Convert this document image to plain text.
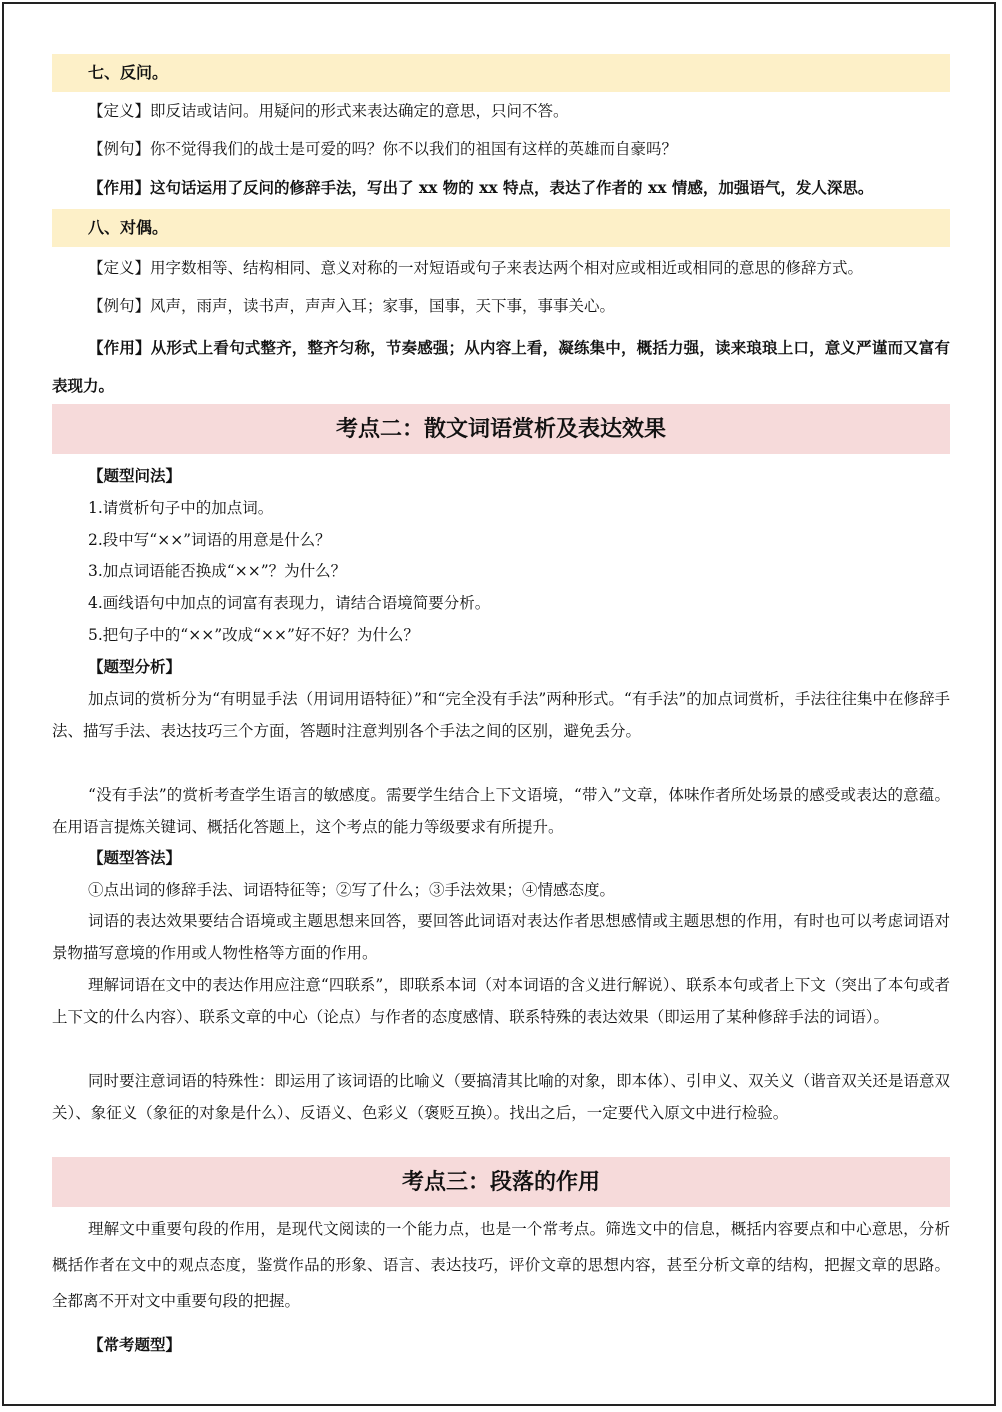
七、反问。
【定义】即反诘或诘问。用疑问的形式来表达确定的意思，只问不答。
【例句】你不觉得我们的战士是可爱的吗？你不以我们的祖国有这样的英雄而自豪吗？
【作用】这句话运用了反问的修辞手法，写出了 xx 物的 xx 特点，表达了作者的 xx 情感，加强语气，发人深思。
八、对偶。
【定义】用字数相等、结构相同、意义对称的一对短语或句子来表达两个相对应或相近或相同的意思的修辞方式。
【例句】风声，雨声，读书声，声声入耳；家事，国事，天下事，事事关心。
【作用】从形式上看句式整齐，整齐匀称，节奏感强；从内容上看，凝练集中，概括力强，读来琅琅上口，意义严谨而又富有表现力。
考点二：散文词语赏析及表达效果
【题型问法】
1.请赏析句子中的加点词。
2.段中写“××”词语的用意是什么？
3.加点词语能否换成“××”？为什么？
4.画线语句中加点的词富有表现力，请结合语境简要分析。
5.把句子中的“××”改成“××”好不好？为什么？
【题型分析】
加点词的赏析分为“有明显手法（用词用语特征）”和“完全没有手法”两种形式。“有手法”的加点词赏析，手法往往集中在修辞手法、描写手法、表达技巧三个方面，答题时注意判别各个手法之间的区别，避免丢分。
“没有手法”的赏析考查学生语言的敏感度。需要学生结合上下文语境，“带入”文章，体味作者所处场景的感受或表达的意蕴。在用语言提炼关键词、概括化答题上，这个考点的能力等级要求有所提升。
【题型答法】
①点出词的修辞手法、词语特征等；②写了什么；③手法效果；④情感态度。
词语的表达效果要结合语境或主题思想来回答，要回答此词语对表达作者思想感情或主题思想的作用，有时也可以考虑词语对景物描写意境的作用或人物性格等方面的作用。
理解词语在文中的表达作用应注意“四联系”，即联系本词（对本词语的含义进行解说）、联系本句或者上下文（突出了本句或者上下文的什么内容）、联系文章的中心（论点）与作者的态度感情、联系特殊的表达效果（即运用了某种修辞手法的词语）。
同时要注意词语的特殊性：即运用了该词语的比喻义（要搞清其比喻的对象，即本体）、引申义、双关义（谐音双关还是语意双关）、象征义（象征的对象是什么）、反语义、色彩义（褒贬互换）。找出之后，一定要代入原文中进行检验。
考点三：段落的作用
理解文中重要句段的作用，是现代文阅读的一个能力点，也是一个常考点。筛选文中的信息，概括内容要点和中心意思，分析概括作者在文中的观点态度，鉴赏作品的形象、语言、表达技巧，评价文章的思想内容，甚至分析文章的结构，把握文章的思路。全都离不开对文中重要句段的把握。
【常考题型】
